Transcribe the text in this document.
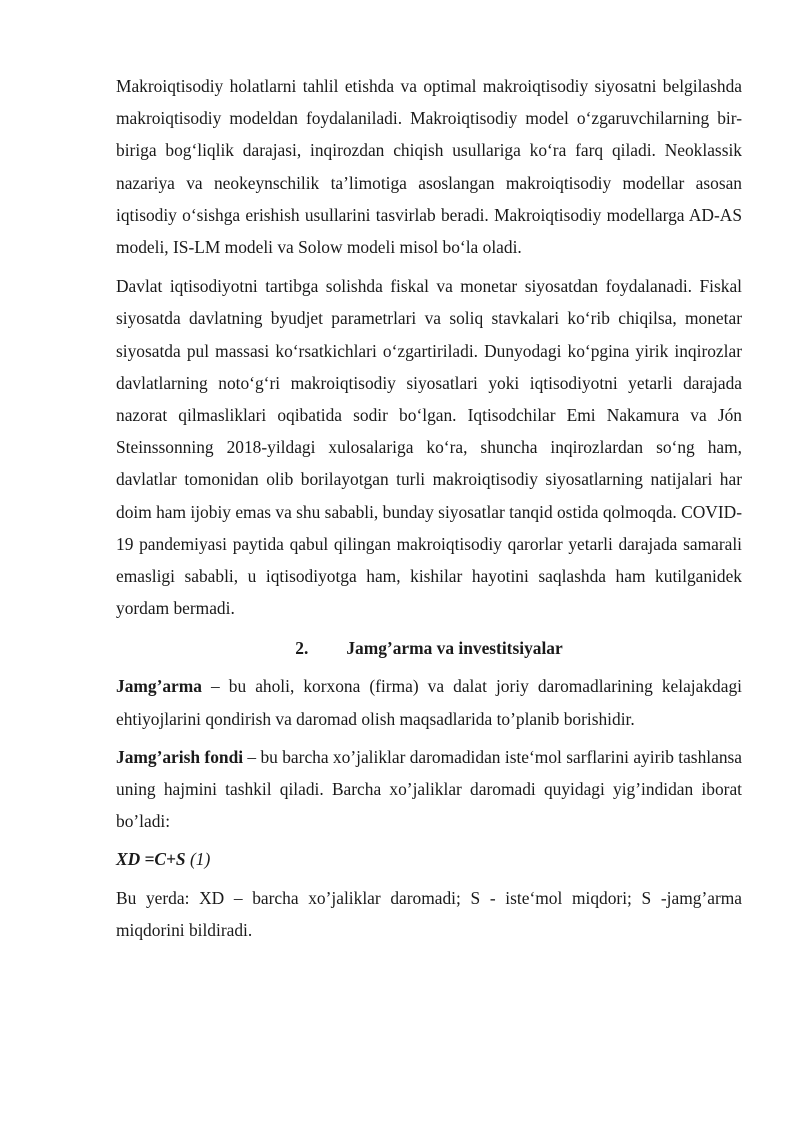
Makroiqtisodiy holatlarni tahlil etishda va optimal makroiqtisodiy siyosatni belgilashda makroiqtisodiy modeldan foydalaniladi. Makroiqtisodiy model o‘zgaruvchilarning bir-biriga bog‘liqlik darajasi, inqirozdan chiqish usullariga ko‘ra farq qiladi. Neoklassik nazariya va neokeynschilik ta’limotiga asoslangan makroiqtisodiy modellar asosan iqtisodiy o‘sishga erishish usullarini tasvirlab beradi. Makroiqtisodiy modellarga AD-AS modeli, IS-LM modeli va Solow modeli misol bo‘la oladi.

Davlat iqtisodiyotni tartibga solishda fiskal va monetar siyosatdan foydalanadi. Fiskal siyosatda davlatning byudjet parametrlari va soliq stavkalari ko‘rib chiqilsa, monetar siyosatda pul massasi ko‘rsatkichlari o‘zgartiriladi. Dunyodagi ko‘pgina yirik inqirozlar davlatlarning noto‘g‘ri makroiqtisodiy siyosatlari yoki iqtisodiyotni yetarli darajada nazorat qilmasliklari oqibatida sodir bo‘lgan. Iqtisodchilar Emi Nakamura va Jón Steinssonning 2018-yildagi xulosalariga ko‘ra, shuncha inqirozlardan so‘ng ham, davlatlar tomonidan olib borilayotgan turli makroiqtisodiy siyosatlarning natijalari har doim ham ijobiy emas va shu sababli, bunday siyosatlar tanqid ostida qolmoqda. COVID-19 pandemiyasi paytida qabul qilingan makroiqtisodiy qarorlar yetarli darajada samarali emasligi sababli, u iqtisodiyotga ham, kishilar hayotini saqlashda ham kutilganidek yordam bermadi.

2. Jamg’arma va investitsiyalar

Jamg’arma – bu aholi, korxona (firma) va dalat joriy daromadlarining kelajakdagi ehtiyojlarini qondirish va daromad olish maqsadlarida to’planib borishidir.

Jamg’arish fondi – bu barcha xo’jaliklar daromadidan iste‘mol sarflarini ayirib tashlansa uning hajmini tashkil qiladi. Barcha xo’jaliklar daromadi quyidagi yig’indidan iborat bo’ladi:

XD =C+S (1)

Bu yerda: XD – barcha xo’jaliklar daromadi; S - iste‘mol miqdori; S -jamg’arma miqdorini bildiradi.
